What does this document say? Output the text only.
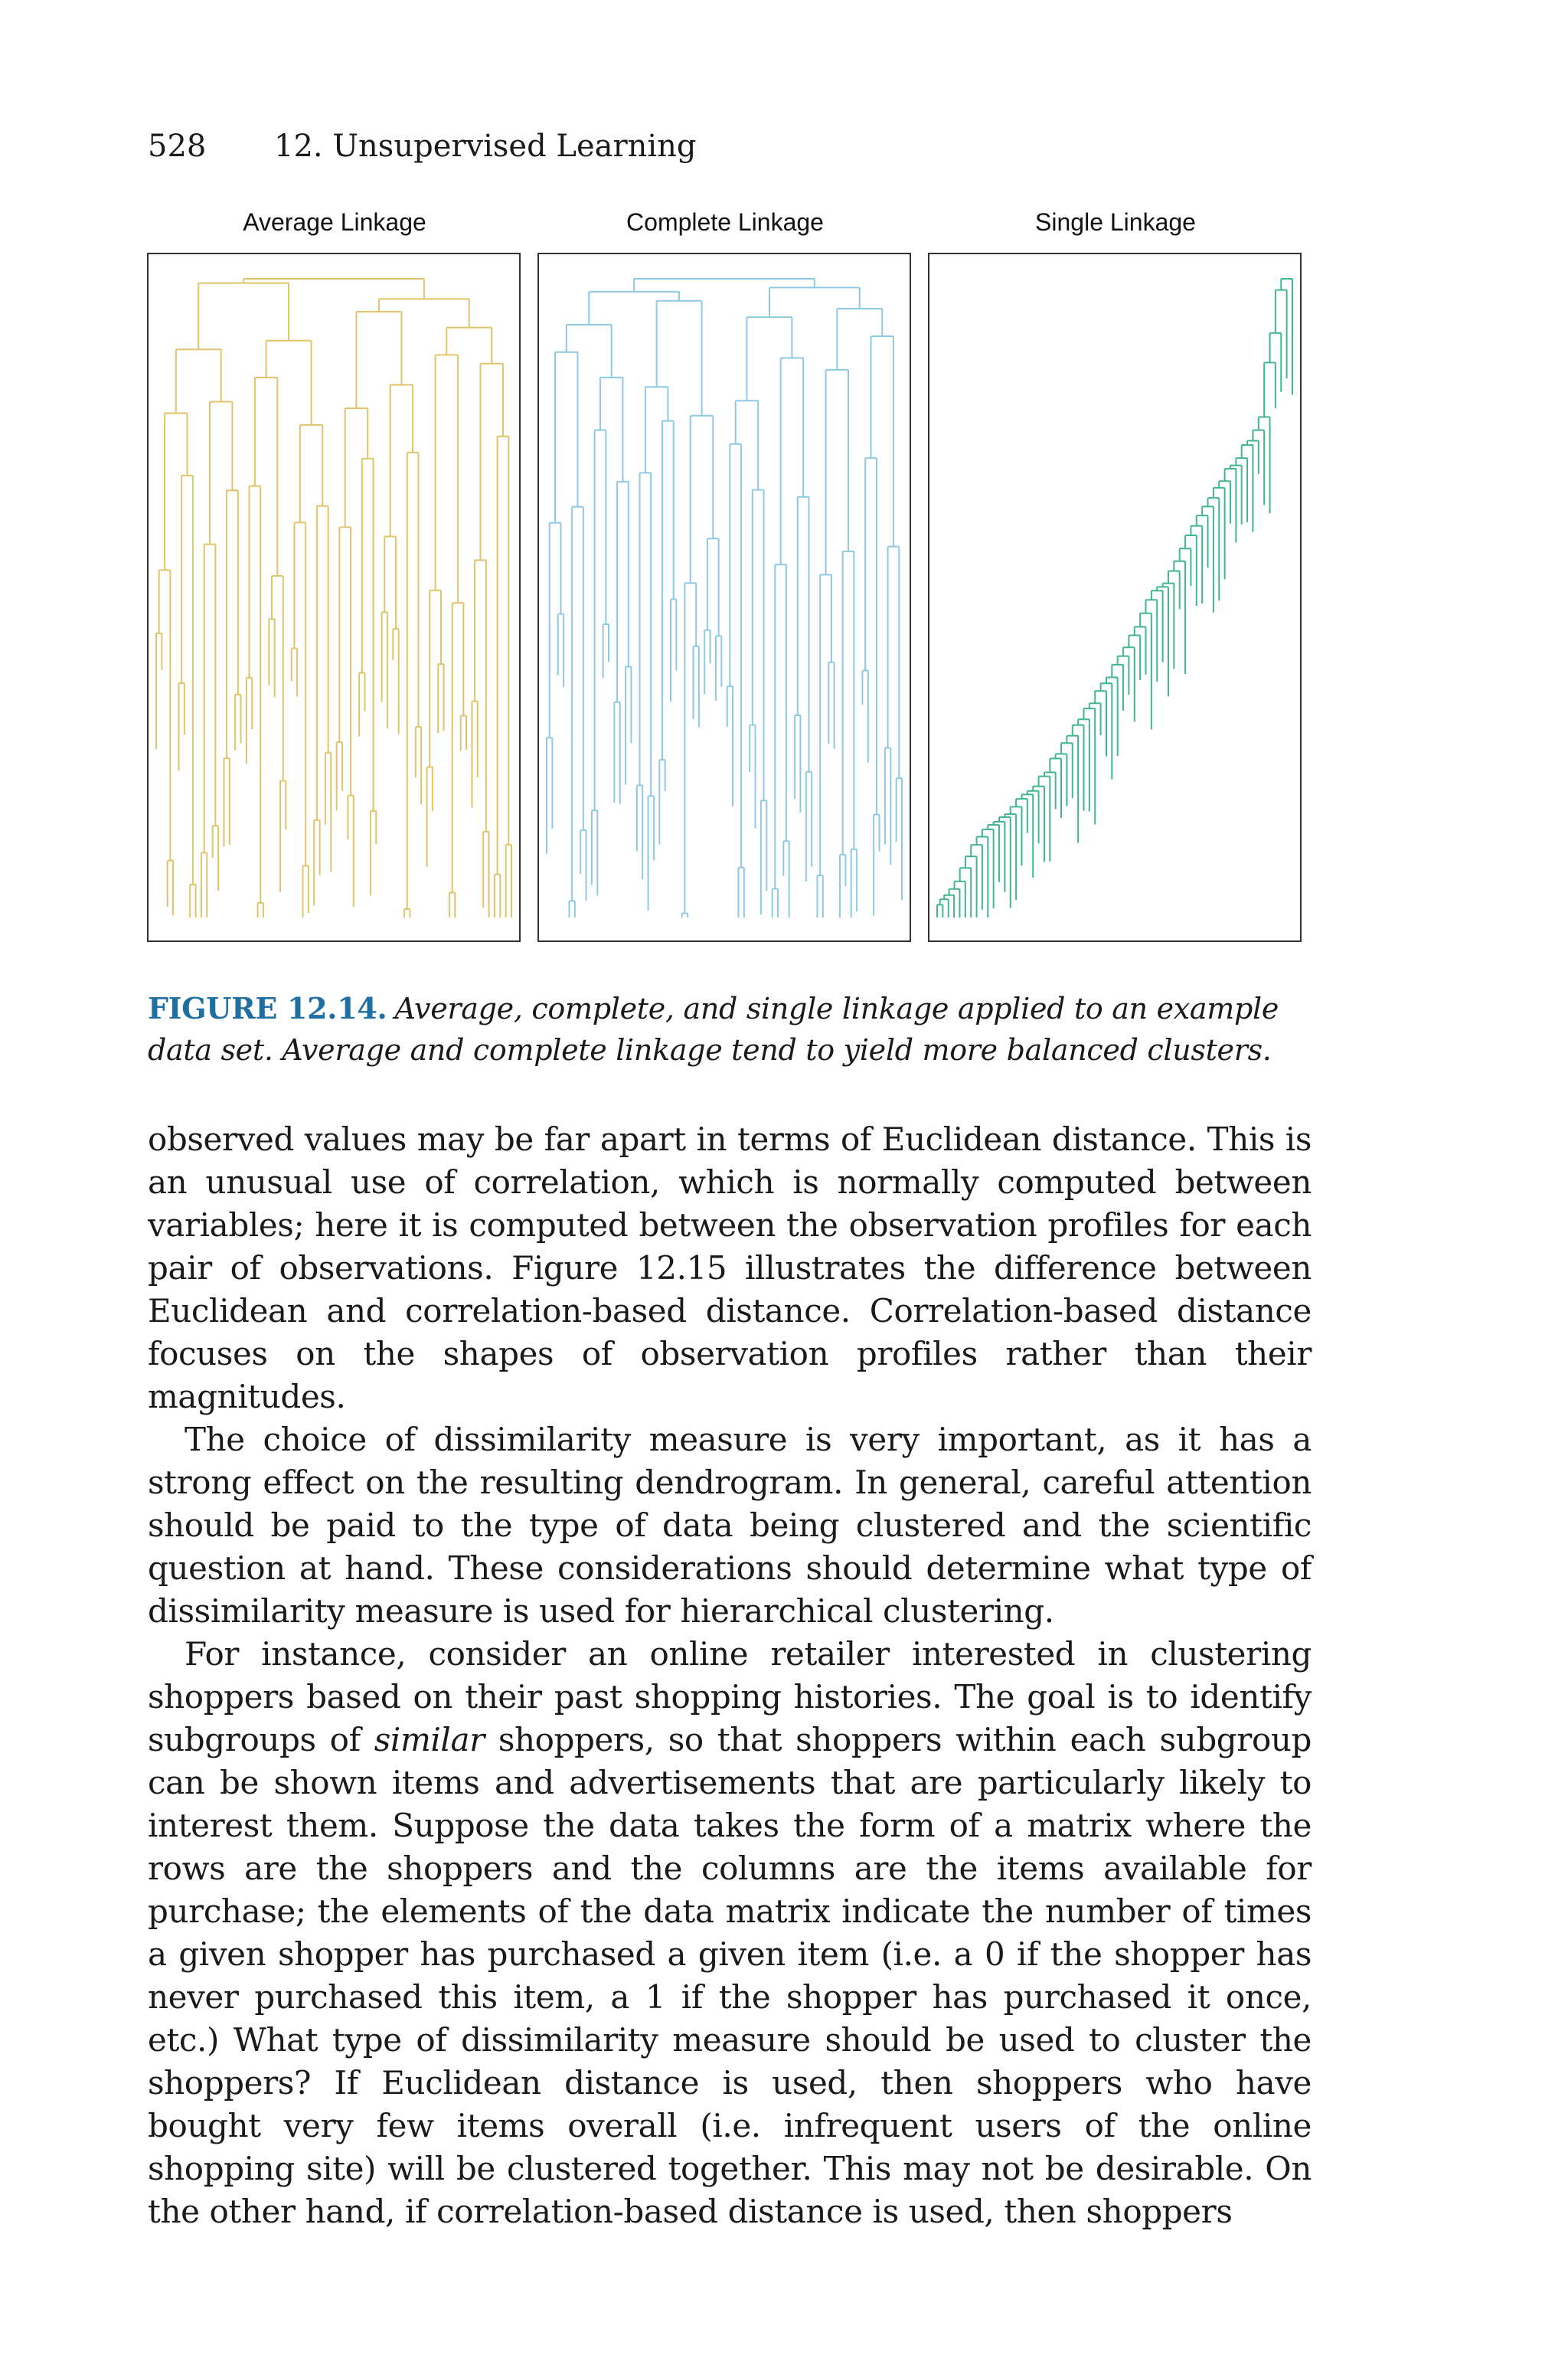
528 12. Unsupervised Learning
Average Linkage	Complete Linkage	Single Linkage
FIGURE 12.14. Average, complete, and single linkage applied to an example data set. Average and complete linkage tend to yield more balanced clusters.

observed values may be far apart in terms of Euclidean distance. This is an unusual use of correlation, which is normally computed between variables; here it is computed between the observation profiles for each pair of observations. Figure 12.15 illustrates the difference between Euclidean and correlation-based distance. Correlation-based distance focuses on the shapes of observation profiles rather than their magnitudes.

The choice of dissimilarity measure is very important, as it has a strong effect on the resulting dendrogram. In general, careful attention should be paid to the type of data being clustered and the scientific question at hand. These considerations should determine what type of dissimilarity measure is used for hierarchical clustering.

For instance, consider an online retailer interested in clustering shoppers based on their past shopping histories. The goal is to identify subgroups of similar shoppers, so that shoppers within each subgroup can be shown items and advertisements that are particularly likely to interest them. Suppose the data takes the form of a matrix where the rows are the shoppers and the columns are the items available for purchase; the elements of the data matrix indicate the number of times a given shopper has purchased a given item (i.e. a 0 if the shopper has never purchased this item, a 1 if the shopper has purchased it once, etc.) What type of dissimilarity measure should be used to cluster the shoppers? If Euclidean distance is used, then shoppers who have bought very few items overall (i.e. infrequent users of the online shopping site) will be clustered together. This may not be desirable. On the other hand, if correlation-based distance is used, then shoppers
